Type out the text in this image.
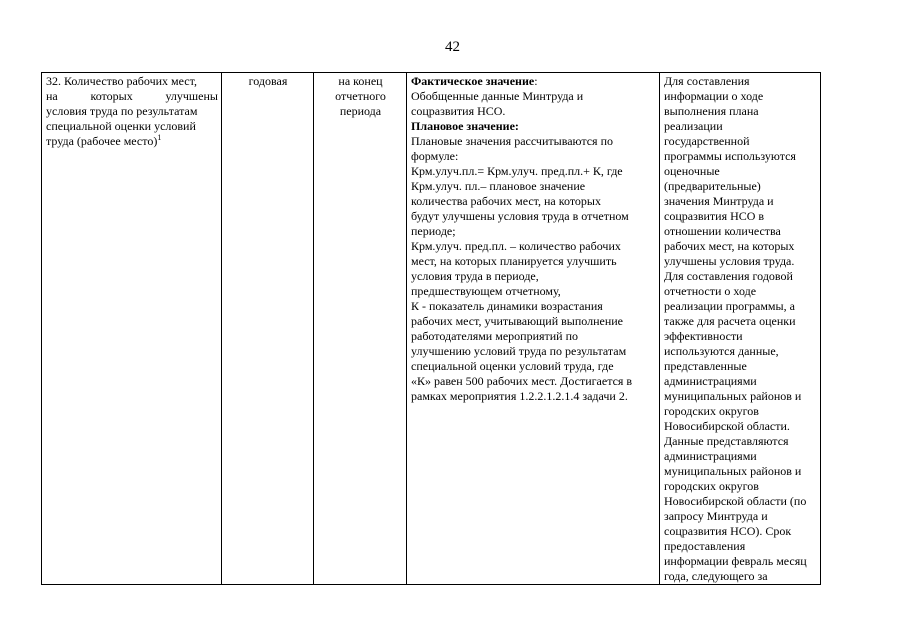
42
32. Количество рабочих мест,
на	которых	улучшены
условия труда по результатам
специальной оценки условий
труда (рабочее место)$^1$

годовая	на конец
отчетного
периода

Фактическое значение:
Обобщенные данные Минтруда и
соцразвития НСО.
Плановое значение:
Плановые значения рассчитываются по
формуле:
Крм.улуч.пл.= Крм.улуч. пред.пл.+ К, где
Крм.улуч. пл.– плановое значение
количества рабочих мест, на которых
будут улучшены условия труда в отчетном
периоде;
Крм.улуч. пред.пл. – количество рабочих
мест, на которых планируется улучшить
условия труда в периоде,
предшествующем отчетному,
К - показатель динамики возрастания
рабочих мест, учитывающий выполнение
работодателями мероприятий по
улучшению условий труда по результатам
специальной оценки условий труда, где
«К» равен 500 рабочих мест. Достигается в
рамках мероприятия 1.2.2.1.2.1.4 задачи 2.

Для составления
информации о ходе
выполнения плана
реализации
государственной
программы используются
оценочные
(предварительные)
значения Минтруда и
соцразвития НСО в
отношении количества
рабочих мест, на которых
улучшены условия труда.
Для составления годовой
отчетности о ходе
реализации программы, а
также для расчета оценки
эффективности
используются данные,
представленные
администрациями
муниципальных районов и
городских округов
Новосибирской области.
Данные представляются
администрациями
муниципальных районов и
городских округов
Новосибирской области (по
запросу Минтруда и
соцразвития НСО). Срок
предоставления
информации февраль месяц
года, следующего за
